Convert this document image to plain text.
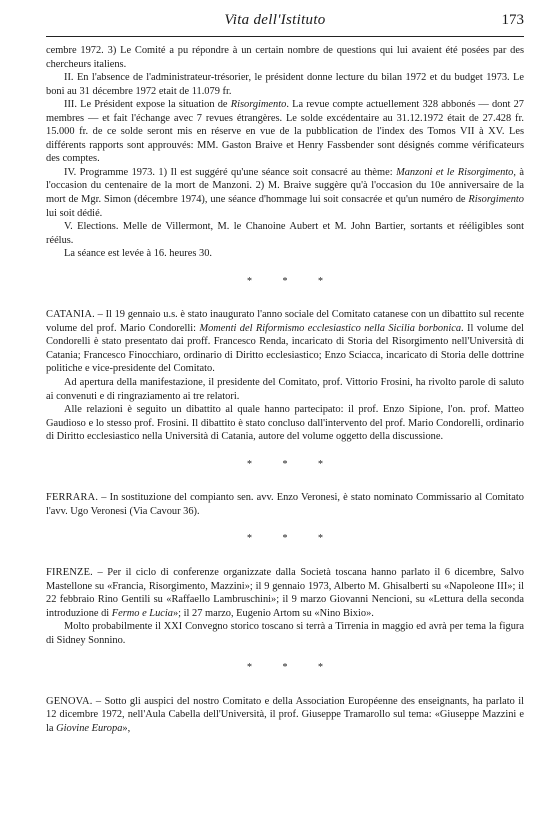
Vita dell'Istituto	173

cembre 1972. 3) Le Comité a pu répondre à un certain nombre de questions qui lui avaient été posées par des chercheurs italiens.

II. En l'absence de l'administrateur-trésorier, le président donne lecture du bilan 1972 et du budget 1973. Le boni au 31 décembre 1972 etait de 11.079 fr.

III. Le Président expose la situation de Risorgimento. La revue compte actuellement 328 abbonés — dont 27 membres — et fait l'échange avec 7 revues étrangères. Le solde excédentaire au 31.12.1972 était de 27.428 fr. 15.000 fr. de ce solde seront mis en réserve en vue de la pubblication de l'index des Tomos VII à XV. Les différents rapports sont approuvés: MM. Gaston Braive et Henry Fassbender sont désignés comme vérificateurs des comptes.

IV. Programme 1973. 1) Il est suggéré qu'une séance soit consacré au thème: Manzoni et le Risorgimento, à l'occasion du centenaire de la mort de Manzoni. 2) M. Braive suggère qu'à l'occasion du 10e anniversaire de la mort de Mgr. Simon (décembre 1974), une séance d'hommage lui soit consacrée et qu'un numéro de Risorgimento lui soit dédié.

V. Elections. Melle de Villermont, M. le Chanoine Aubert et M. John Bartier, sortants et rééligibles sont réélus.

La séance est levée à 16. heures 30.

* * *

CATANIA. – Il 19 gennaio u.s. è stato inaugurato l'anno sociale del Comitato catanese con un dibattito sul recente volume del prof. Mario Condorelli: Momenti del Riformismo ecclesiastico nella Sicilia borbonica. Il volume del Condorelli è stato presentato dai proff. Francesco Renda, incaricato di Storia del Risorgimento nell'Università di Catania; Francesco Finocchiaro, ordinario di Diritto ecclesiastico; Enzo Sciacca, incaricato di Storia delle dottrine politiche e vice-presidente del Comitato.

Ad apertura della manifestazione, il presidente del Comitato, prof. Vittorio Frosini, ha rivolto parole di saluto ai convenuti e di ringraziamento ai tre relatori.

Alle relazioni è seguito un dibattito al quale hanno partecipato: il prof. Enzo Sipione, l'on. prof. Matteo Gaudioso e lo stesso prof. Frosini. Il dibattito è stato concluso dall'intervento del prof. Mario Condorelli, ordinario di Diritto ecclesiastico nella Università di Catania, autore del volume oggetto della discussione.

* * *

FERRARA. – In sostituzione del compianto sen. avv. Enzo Veronesi, è stato nominato Commissario al Comitato l'avv. Ugo Veronesi (Via Cavour 36).

* * *

FIRENZE. – Per il ciclo di conferenze organizzate dalla Società toscana hanno parlato il 6 dicembre, Salvo Mastellone su «Francia, Risorgimento, Mazzini»; il 9 gennaio 1973, Alberto M. Ghisalberti su «Napoleone III»; il 22 febbraio Rino Gentili su «Raffaello Lambruschini»; il 9 marzo Giovanni Nencioni, su «Lettura della seconda introduzione di Fermo e Lucia»; il 27 marzo, Eugenio Artom su «Nino Bixio».

Molto probabilmente il XXI Convegno storico toscano si terrà a Tirrenia in maggio ed avrà per tema la figura di Sidney Sonnino.

* * *

GENOVA. – Sotto gli auspici del nostro Comitato e della Association Européenne des enseignants, ha parlato il 12 dicembre 1972, nell'Aula Cabella dell'Università, il prof. Giuseppe Tramarollo sul tema: «Giuseppe Mazzini e la Giovine Europa»,
